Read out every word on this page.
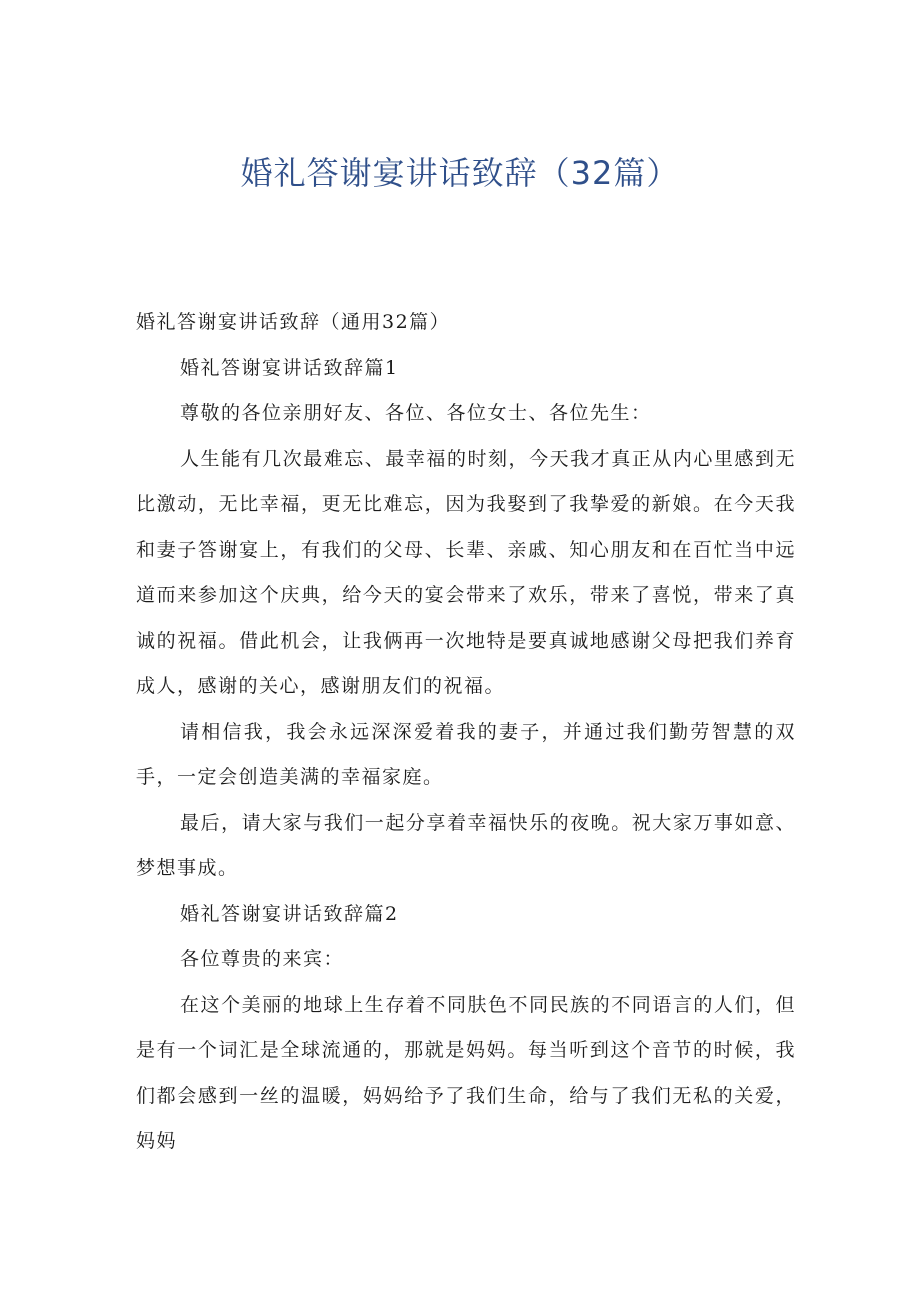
婚礼答谢宴讲话致辞（32篇）

婚礼答谢宴讲话致辞（通用32篇）

婚礼答谢宴讲话致辞篇1

尊敬的各位亲朋好友、各位、各位女士、各位先生：

人生能有几次最难忘、最幸福的时刻，今天我才真正从内心里感到无比激动，无比幸福，更无比难忘，因为我娶到了我挚爱的新娘。在今天我和妻子答谢宴上，有我们的父母、长辈、亲戚、知心朋友和在百忙当中远道而来参加这个庆典，给今天的宴会带来了欢乐，带来了喜悦，带来了真诚的祝福。借此机会，让我俩再一次地特是要真诚地感谢父母把我们养育成人，感谢的关心，感谢朋友们的祝福。

请相信我，我会永远深深爱着我的妻子，并通过我们勤劳智慧的双手，一定会创造美满的幸福家庭。

最后，请大家与我们一起分享着幸福快乐的夜晚。祝大家万事如意、梦想事成。

婚礼答谢宴讲话致辞篇2

各位尊贵的来宾：

在这个美丽的地球上生存着不同肤色不同民族的不同语言的人们，但是有一个词汇是全球流通的，那就是妈妈。每当听到这个音节的时候，我们都会感到一丝的温暖，妈妈给予了我们生命，给与了我们无私的关爱，妈妈
